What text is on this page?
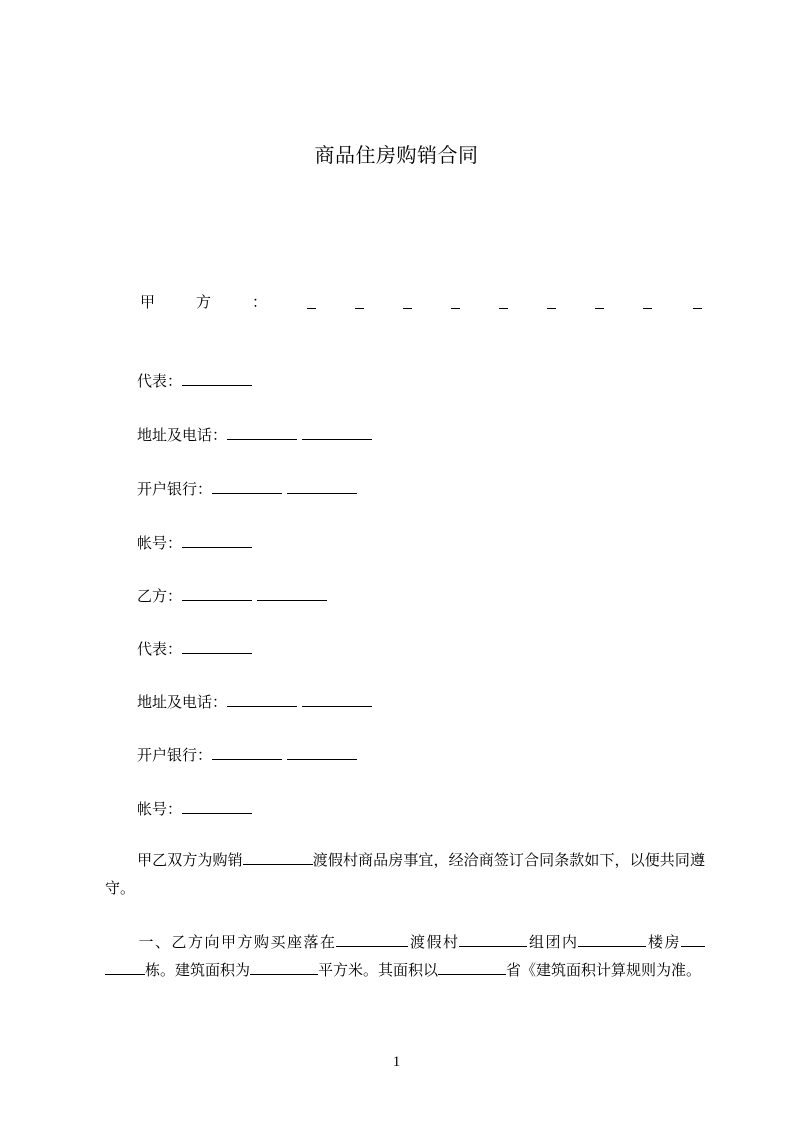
商品住房购销合同
甲	方	：
代表：
地址及电话：
开户银行：
帐号：
乙方：
代表：
地址及电话：
开户银行：
帐号：
甲乙双方为购销	渡假村商品房事宜，经洽商签订合同条款如下，以便共同遵守。
一、乙方向甲方购买座落在	渡假村	组团内	楼房 栋。建筑面积为	平方米。其面积以	省《建筑面积计算规则为准。
1
